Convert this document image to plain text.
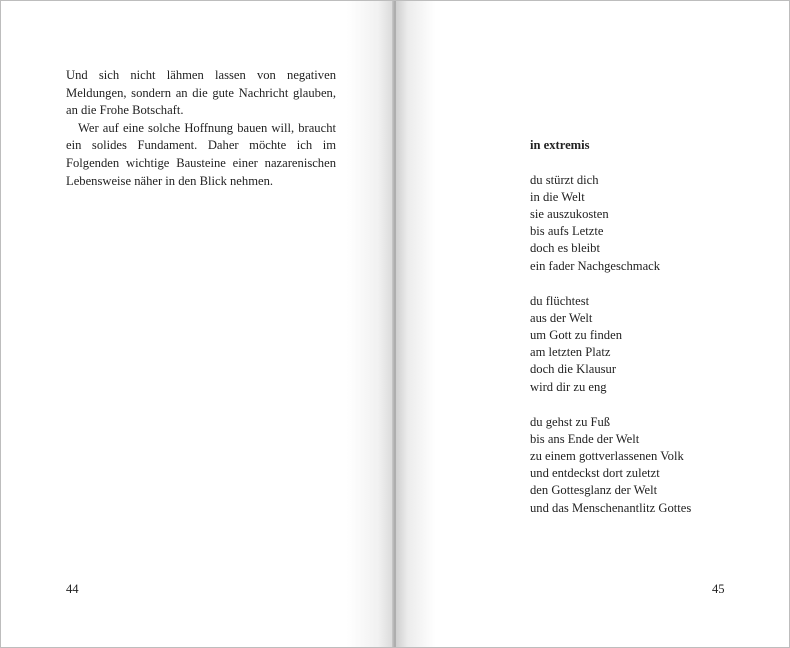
Und sich nicht lähmen lassen von negativen Meldungen, sondern an die gute Nachricht glauben, an die Frohe Botschaft.

Wer auf eine solche Hoffnung bauen will, braucht ein solides Fundament. Daher möchte ich im Folgenden wichtige Bausteine einer nazarenischen Lebensweise näher in den Blick nehmen.

44
in extremis
du stürzt dich
in die Welt
sie auszukosten
bis aufs Letzte
doch es bleibt
ein fader Nachgeschmack
du flüchtest
aus der Welt
um Gott zu finden
am letzten Platz
doch die Klausur
wird dir zu eng
du gehst zu Fuß
bis ans Ende der Welt
zu einem gottverlassenen Volk
und entdeckst dort zuletzt
den Gottesglanz der Welt
und das Menschenantlitz Gottes
45
